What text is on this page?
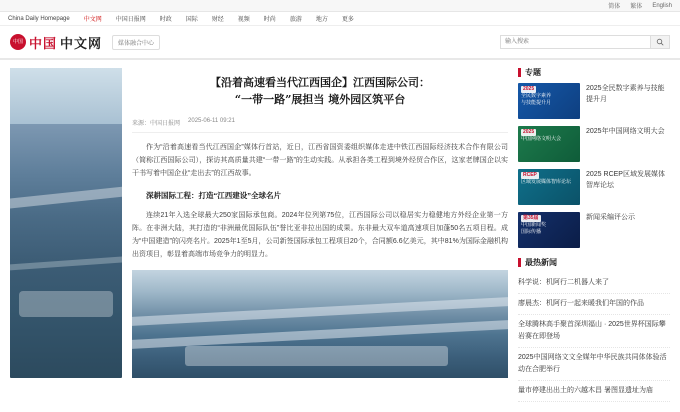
简体 繁体 English
China Daily Homepage 中文网 中国日报网 时政 国际 财经 视频 时尚 旅游 地方 更多
中国 中国 中文网	媒体融合中心
输入搜索
【沿着高速看当代江西国企】江西国际公司：
“一带一路”展担当 境外园区筑平台
来源：中国日报网 2025-06-11 09:21

作为“沿着高速看当代江西国企”媒体行首站，近日，江西省国资委组织媒体走进中铁江西国际经济技术合作有限公司（简称江西国际公司），探访其高质量共建“一带一路”的生动实践。从承担各类工程到境外经贸合作区，这家老牌国企以实干书写着中国企业“走出去”的江西故事。

深耕国际工程：打造“江西建设”全球名片

连续21年入选全球最大250家国际承包商。2024年位列第75位，江西国际公司以稳居实力稳健地方外经企业第一方阵。在非洲大陆，其打造的“非洲最优国际队伍”誉比亚非拉出国的成果。东非最大双车道高速项目加蓬50名五项目程。成为“中国建造”的闪亮名片。2025年1至5月，公司新签国际承包工程项目20个，合同额6.6亿美元，其中81%为国际金融机构出资项目，彰显着高端市场竞争力的明显力。

专题
2025
全民数字素养
与技能提升月
2025全民数字素养与技能提升月
2025
中国网络文明大会
2025年中国网络文明大会
RCEP
区域发展媒体智库论坛
2025 RCEP区域发展媒体智库论坛
第35届
中国新闻奖
国际传播
新闻采编评公示
最热新闻
科学说：机阿行二机器人来了
廖晨杰：机阿行一起来暖我们年国的作品
全球腾林高手聚首深圳福山 · 2025世界杯国际攀岩赛在即登场
2025中国网络文文全媒年中华民族共同体体验活动在合肥举行
量市停建出出土的六越木昌 暑图显遗址为庙
